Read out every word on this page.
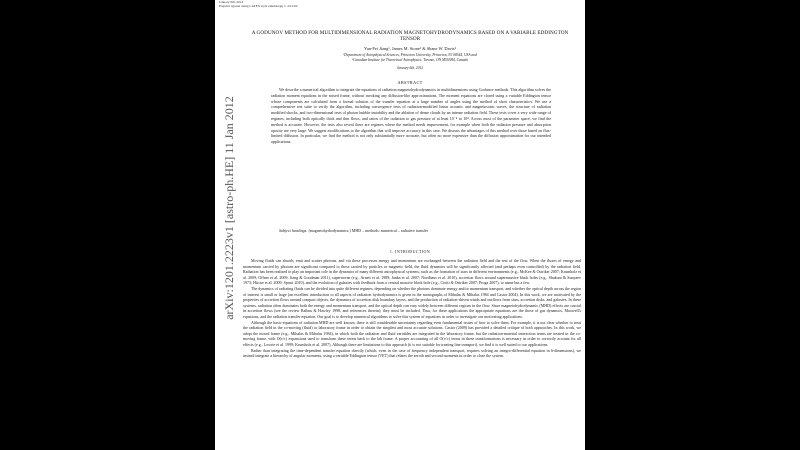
January 6th, 2012
Preprint typeset using LATEX style emulateapj v. 4/12/04
arXiv:1201.2223v1 [astro-ph.HE] 11 Jan 2012
A GODUNOV METHOD FOR MULTIDIMENSIONAL RADIATION MAGNETOHYDRODYNAMICS BASED ON A VARIABLE EDDINGTON TENSOR
Yan-Fei Jiang¹, James M. Stone¹ & Shane W. Davis²
¹Department of Astrophysical Sciences, Princeton University, Princeton, NJ 08544, USA and
²Canadian Institute for Theoretical Astrophysics. Toronto, ON M5S3H4, Canada
January 6th, 2012
ABSTRACT
We describe a numerical algorithm to integrate the equations of radiation magnetohydrodynamics in multidimensions using Godunov methods. This algorithm solves the radiation moment equations in the mixed frame, without invoking any diffusion-like approximations. The moment equations are closed using a variable Eddington tensor whose components are calculated from a formal solution of the transfer equation at a large number of angles using the method of short characteristics. We use a comprehensive test suite to verify the algorithm, including convergence tests of radiation-modified linear acoustic and magnetosonic waves, the structure of radiation modified shocks, and two-dimensional tests of photon bubble instability and the ablation of dense clouds by an intense radiation field. These tests cover a very wide range of regimes, including both optically thick and thin flows, and ratios of the radiation to gas pressure of at least 10⁻⁴ to 10⁴. Across most of the parameter space, we find the method is accurate. However, the tests also reveal there are regimes where the method needs improvement, for example when both the radiation pressure and absorption opacity are very large. We suggest modifications to the algorithm that will improve accuracy in this case. We discuss the advantages of this method over those based on flux-limited diffusion. In particular, we find the method is not only substantially more accurate, but often no more expensive than the diffusion approximation for our intended applications.
Subject headings: (magnetohydrodynamics:) MHD – methods: numerical – radiative transfer
1. INTRODUCTION

Moving fluids can absorb, emit and scatter photons, and via these processes energy and momentum are exchanged between the radiation field and the rest of the flow. When the fluxes of energy and momentum carried by photons are significant compared to those carried by particles or magnetic field, the fluid dynamics will be significantly affected (and perhaps even controlled) by the radiation field. Radiation has been realized to play an important role in the dynamics of many different astrophysical systems, such as the formation of stars in different environments (e.g., McKee & Ostriker 2007; Krumholz et al. 2009; Offner et al. 2009; Jiang & Goodman 2011), supernovae (e.g., Arnett et al. 1989; Janka et al. 2007; Nordhaus et al. 2010), accretion flows around supermassive black holes (e.g., Shakura & Sunyaev 1973; Hirose et al. 2009; Spruit 2010), and the evolution of galaxies with feedback from a central massive black hole (e.g., Ciotti & Ostriker 2007; Proga 2007), to name but a few.

The dynamics of radiating fluids can be divided into quite different regimes, depending on whether the photons dominate energy and/or momentum transport, and whether the optical depth across the region of interest is small or large (an excellent introduction to all aspects of radiation hydrodynamics is given in the monographs of Mihalas & Mihalas 1984 and Castor 2004). In this work, we are motivated by the properties of accretion flows around compact objects, the dynamics of accretion disk boundary layers, and the production of radiation-driven winds and outflows from stars, accretion disks, and galaxies. In these systems, radiation often dominates both the energy and momentum transport, and the optical depth can vary widely between different regions in the flow. Since magnetohydrodynamic (MHD) effects are crucial in accretion flows (see the review Balbus & Hawley 1998, and references therein), they must be included. Thus, for these applications the appropriate equations are the those of gas dynamics, Maxwell's equations, and the radiation transfer equation. Our goal is to develop numerical algorithms to solve this system of equations in order to investigate our motivating applications.

Although the basic equations of radiation MHD are well known, there is still considerable uncertainty regarding even fundamental issues of how to solve them. For example, it is not clear whether to treat the radiation field in the co-moving (fluid) or laboratory frame in order to obtain the simplest and most accurate solutions. Castor (2009) has provided a detailed critique of both approaches. In this work, we adopt the mixed frame (e.g., Mihalas & Mihalas 1984), in which both the radiation and fluid variables are integrated in the laboratory frame, but the radiation-material interaction terms are treated in the co-moving frame, with O(v/c) expansions used to transform these terms back to the lab frame. A proper accounting of all O(v/c) terms in these transformations is necessary in order to correctly account for all effects (e.g., Lowrie et al. 1999; Krumholz et al. 2007). Although there are limitations to this approach (it is not suitable for treating line transport), we find it is well suited to our applications.

Rather than integrating the time-dependent transfer equation directly (which, even in the case of frequency independent transport, requires solving an integro-differential equation in 6-dimensions), we instead integrate a hierarchy of angular moments, using a variable Eddington tensor (VET) that relates the zeroth and second moments in order to close the system.
